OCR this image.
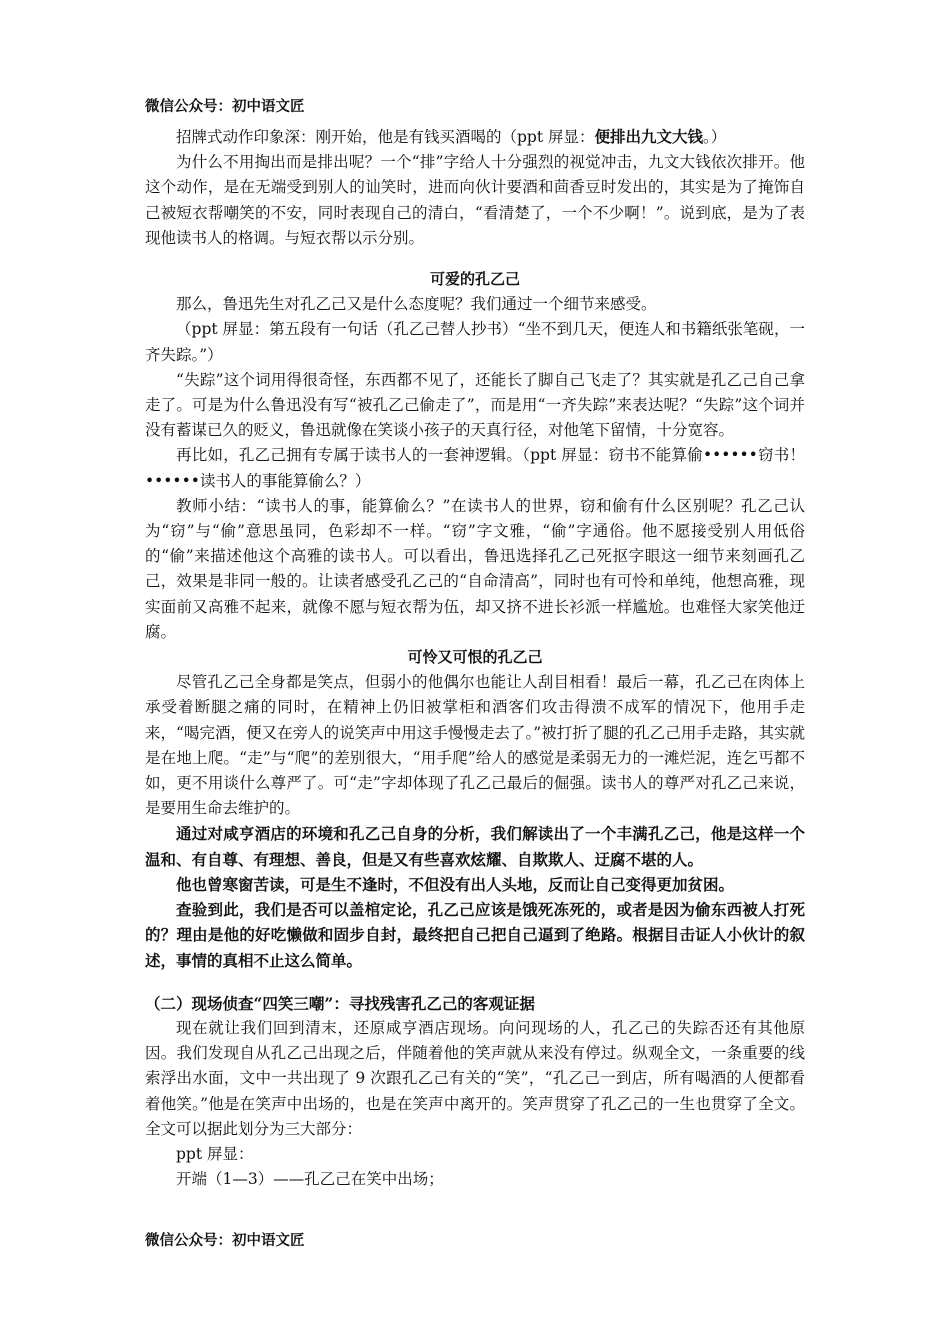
微信公众号：初中语文匠

招牌式动作印象深：刚开始，他是有钱买酒喝的（ppt 屏显：便排出九文大钱。）

为什么不用掏出而是排出呢？一个“排”字给人十分强烈的视觉冲击，九文大钱依次排开。他这个动作，是在无端受到别人的讪笑时，进而向伙计要酒和茴香豆时发出的，其实是为了掩饰自己被短衣帮嘲笑的不安，同时表现自己的清白，“看清楚了，一个不少啊！”。说到底，是为了表现他读书人的格调。与短衣帮以示分别。

可爱的孔乙己

那么，鲁迅先生对孔乙己又是什么态度呢？我们通过一个细节来感受。

（ppt 屏显：第五段有一句话（孔乙己替人抄书）“坐不到几天，便连人和书籍纸张笔砚，一齐失踪。”）

“失踪”这个词用得很奇怪，东西都不见了，还能长了脚自己飞走了？其实就是孔乙己自己拿走了。可是为什么鲁迅没有写“被孔乙己偷走了”，而是用“一齐失踪”来表达呢？“失踪”这个词并没有蓄谋已久的贬义，鲁迅就像在笑谈小孩子的天真行径，对他笔下留情，十分宽容。

再比如，孔乙己拥有专属于读书人的一套神逻辑。（ppt 屏显：窃书不能算偷••••••窃书！••••••读书人的事能算偷么？）

教师小结：“读书人的事，能算偷么？”在读书人的世界，窃和偷有什么区别呢？孔乙己认为“窃”与“偷”意思虽同，色彩却不一样。“窃”字文雅，“偷”字通俗。他不愿接受别人用低俗的“偷”来描述他这个高雅的读书人。可以看出，鲁迅选择孔乙己死抠字眼这一细节来刻画孔乙己，效果是非同一般的。让读者感受孔乙己的“自命清高”，同时也有可怜和单纯，他想高雅，现实面前又高雅不起来，就像不愿与短衣帮为伍，却又挤不进长衫派一样尴尬。也难怪大家笑他迂腐。

可怜又可恨的孔乙己

尽管孔乙己全身都是笑点，但弱小的他偶尔也能让人刮目相看！最后一幕，孔乙己在肉体上承受着断腿之痛的同时，在精神上仍旧被掌柜和酒客们攻击得溃不成军的情况下，他用手走来，“喝完酒，便又在旁人的说笑声中用这手慢慢走去了。”被打折了腿的孔乙己用手走路，其实就是在地上爬。“走”与“爬”的差别很大，“用手爬”给人的感觉是柔弱无力的一滩烂泥，连乞丐都不如，更不用谈什么尊严了。可“走”字却体现了孔乙己最后的倔强。读书人的尊严对孔乙己来说，是要用生命去维护的。

通过对咸亨酒店的环境和孔乙己自身的分析，我们解读出了一个丰满孔乙己，他是这样一个温和、有自尊、有理想、善良，但是又有些喜欢炫耀、自欺欺人、迂腐不堪的人。

他也曾寒窗苦读，可是生不逢时，不但没有出人头地，反而让自己变得更加贫困。

查验到此，我们是否可以盖棺定论，孔乙己应该是饿死冻死的，或者是因为偷东西被人打死的？理由是他的好吃懒做和固步自封，最终把自己把自己逼到了绝路。根据目击证人小伙计的叙述，事情的真相不止这么简单。

（二）现场侦查“四笑三嘲”：寻找残害孔乙己的客观证据

现在就让我们回到清末，还原咸亨酒店现场。向问现场的人，孔乙己的失踪否还有其他原因。我们发现自从孔乙己出现之后，伴随着他的笑声就从来没有停过。纵观全文，一条重要的线索浮出水面，文中一共出现了 9 次跟孔乙己有关的“笑”，“孔乙己一到店，所有喝酒的人便都看着他笑。”他是在笑声中出场的，也是在笑声中离开的。笑声贯穿了孔乙己的一生也贯穿了全文。全文可以据此划分为三大部分：

ppt 屏显：

开端（1—3）——孔乙己在笑中出场；

微信公众号：初中语文匠
